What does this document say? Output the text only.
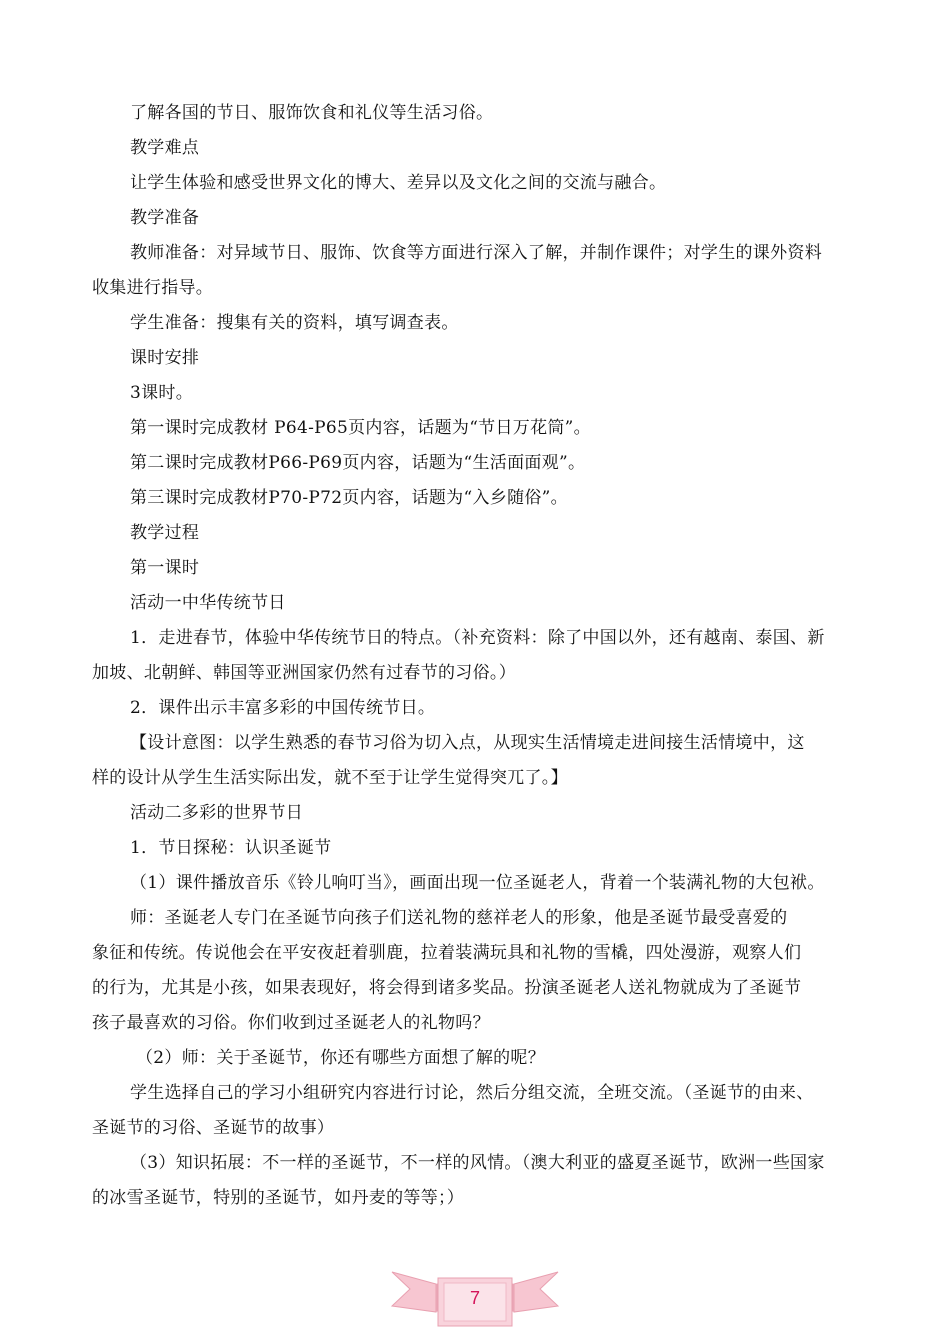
了解各国的节日、服饰饮食和礼仪等生活习俗。
教学难点
让学生体验和感受世界文化的博大、差异以及文化之间的交流与融合。
教学准备
教师准备：对异域节日、服饰、饮食等方面进行深入了解，并制作课件；对学生的课外资料
收集进行指导。
学生准备：搜集有关的资料，填写调查表。
课时安排
3课时。
第一课时完成教材 P64-P65页内容，话题为“节日万花筒”。
第二课时完成教材P66-P69页内容，话题为“生活面面观”。
第三课时完成教材P70-P72页内容，话题为“入乡随俗”。
教学过程
第一课时
活动一中华传统节日
1．走进春节，体验中华传统节日的特点。（补充资料：除了中国以外，还有越南、泰国、新
加坡、北朝鲜、韩国等亚洲国家仍然有过春节的习俗。）
2．课件出示丰富多彩的中国传统节日。
【设计意图：以学生熟悉的春节习俗为切入点，从现实生活情境走进间接生活情境中，这
样的设计从学生生活实际出发，就不至于让学生觉得突兀了。】
活动二多彩的世界节日
1．节日探秘：认识圣诞节
（1）课件播放音乐《铃儿响叮当》，画面出现一位圣诞老人，背着一个装满礼物的大包袱。
师：圣诞老人专门在圣诞节向孩子们送礼物的慈祥老人的形象，他是圣诞节最受喜爱的
象征和传统。传说他会在平安夜赶着驯鹿，拉着装满玩具和礼物的雪橇，四处漫游，观察人们
的行为，尤其是小孩，如果表现好，将会得到诸多奖品。扮演圣诞老人送礼物就成为了圣诞节
孩子最喜欢的习俗。你们收到过圣诞老人的礼物吗？
（2）师：关于圣诞节，你还有哪些方面想了解的呢？
学生选择自己的学习小组研究内容进行讨论，然后分组交流，全班交流。（圣诞节的由来、
圣诞节的习俗、圣诞节的故事）
（3）知识拓展：不一样的圣诞节，不一样的风情。（澳大利亚的盛夏圣诞节，欧洲一些国家
的冰雪圣诞节，特别的圣诞节，如丹麦的等等；）
7
